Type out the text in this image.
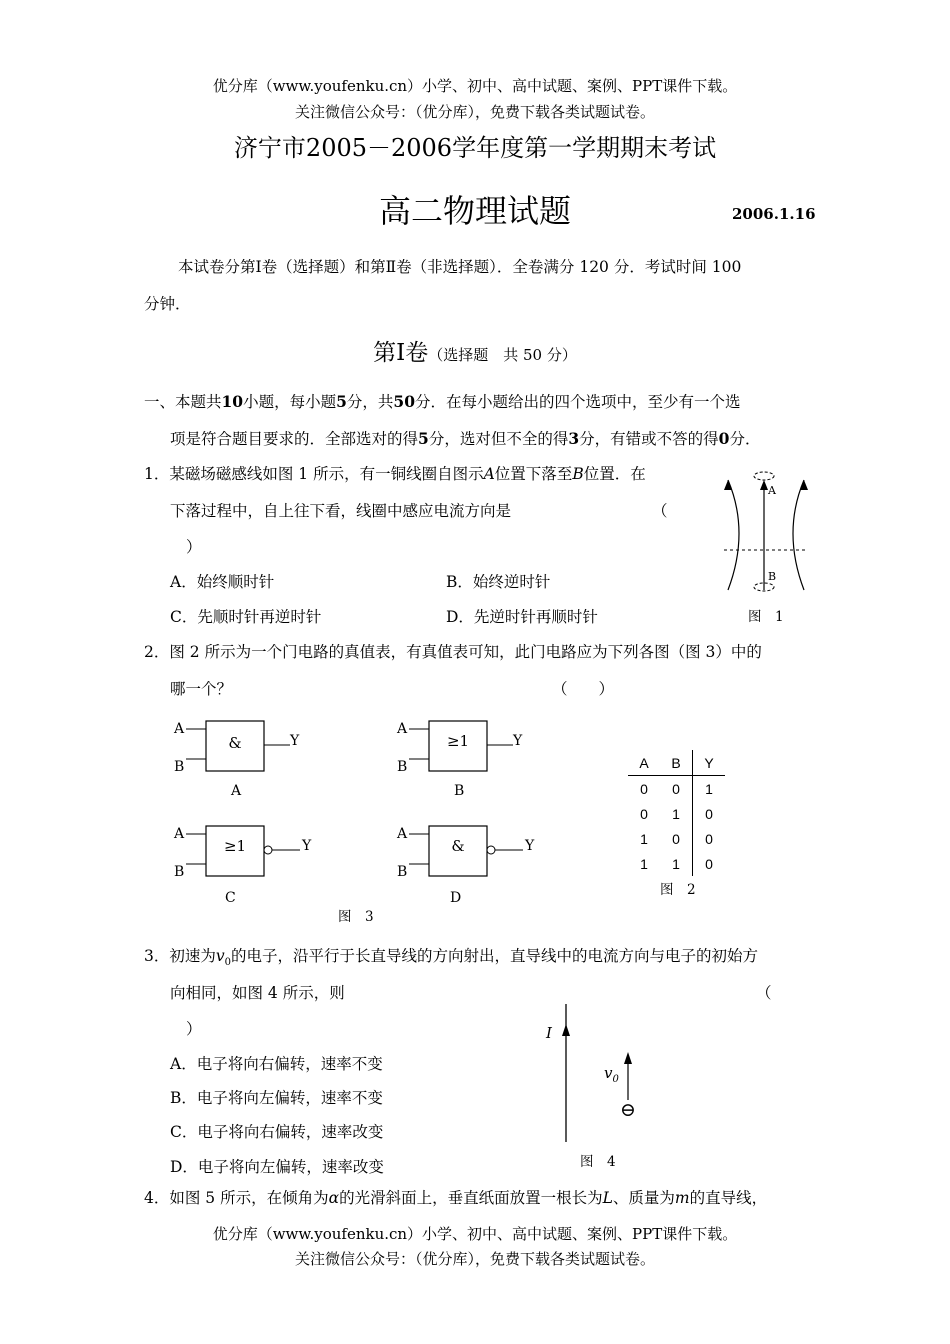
优分库（www.youfenku.cn）小学、初中、高中试题、案例、PPT课件下载。
关注微信公众号：（优分库），免费下载各类试题试卷。
济宁市2005－2006学年度第一学期期末考试
高二物理试题	2006.1.16
本试卷分第Ⅰ卷（选择题）和第Ⅱ卷（非选择题）．全卷满分 120 分．考试时间 100
分钟．
第Ⅰ卷（选择题　共 50 分）
一、本题共10小题，每小题5分，共50分．在每小题给出的四个选项中，至少有一个选
项是符合题目要求的．全部选对的得5分，选对但不全的得3分，有错或不答的得0分．
1．某磁场磁感线如图 1 所示，有一铜线圈自图示A位置下落至B位置．在
下落过程中，自上往下看，线圈中感应电流方向是	（
）
A．始终顺时针	B．始终逆时针
C．先顺时针再逆时针	D．先逆时针再顺时针
A
B
图　1
2．图 2 所示为一个门电路的真值表，有真值表可知，此门电路应为下列各图（图 3）中的
哪一个？	（　　）
A
B
&	Y
A
A
B
≥1	Y
B
A
B
≥1	Y
C
A
B
&	Y
D
图　3
A	B	Y
0	0	1
0	1	0
1	0	0
1	1	0
图　2
3．初速为$v_0$的电子，沿平行于长直导线的方向射出，直导线中的电流方向与电子的初始方
向相同，如图 4 所示，则	（
）
A．电子将向右偏转，速率不变
B．电子将向左偏转，速率不变
C．电子将向右偏转，速率改变
D．电子将向左偏转，速率改变
I
$v_0$
⊖
图　4
4．如图 5 所示，在倾角为α的光滑斜面上，垂直纸面放置一根长为L、质量为m的直导线，
优分库（www.youfenku.cn）小学、初中、高中试题、案例、PPT课件下载。
关注微信公众号：（优分库），免费下载各类试题试卷。
